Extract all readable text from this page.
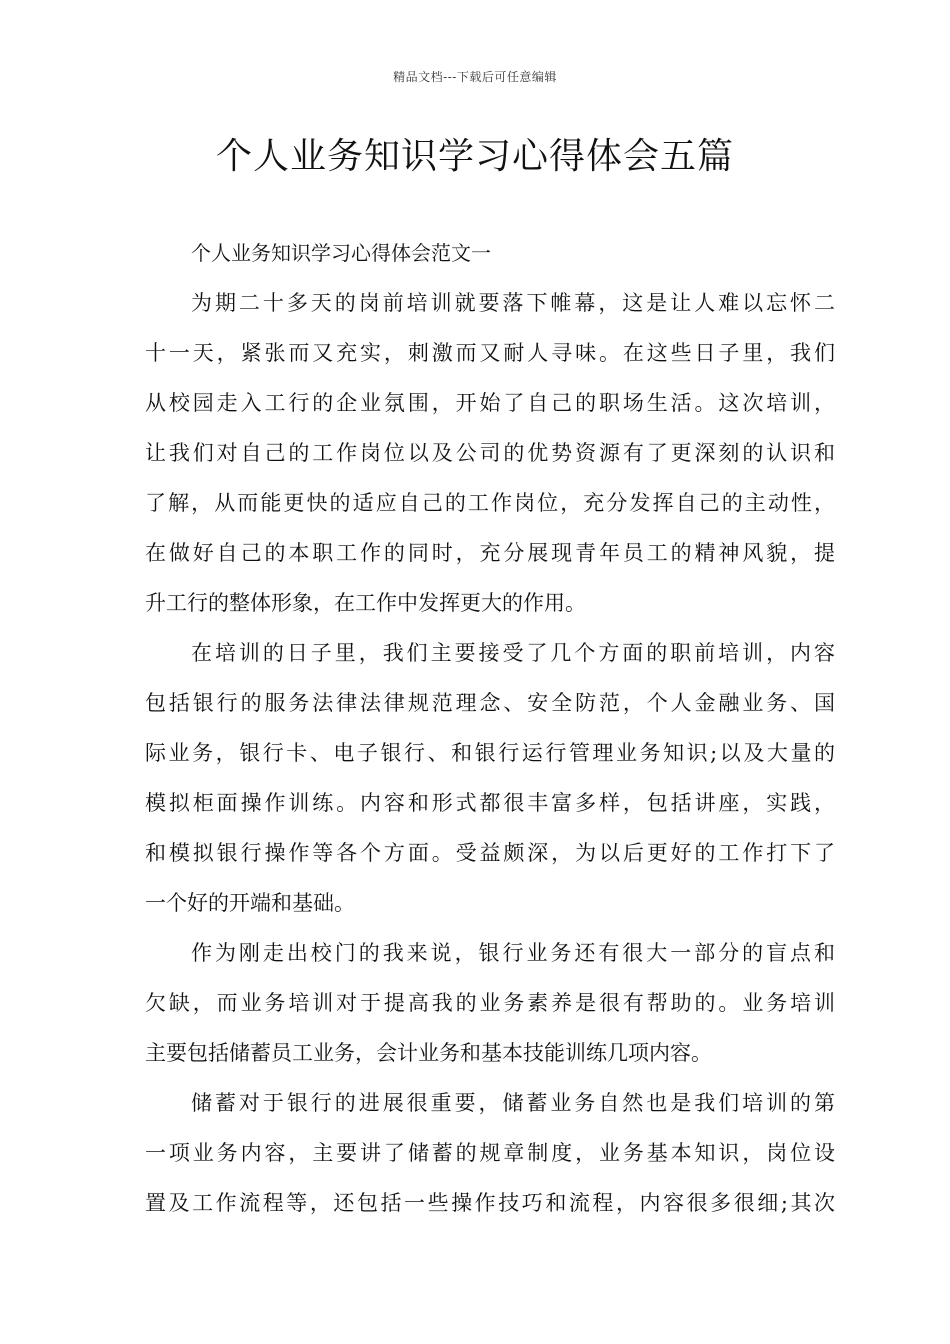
精品文档---下载后可任意编辑
个人业务知识学习心得体会五篇

个人业务知识学习心得体会范文一

为期二十多天的岗前培训就要落下帷幕，这是让人难以忘怀二
十一天，紧张而又充实，刺激而又耐人寻味。在这些日子里，我们
从校园走入工行的企业氛围，开始了自己的职场生活。这次培训，
让我们对自己的工作岗位以及公司的优势资源有了更深刻的认识和
了解，从而能更快的适应自己的工作岗位，充分发挥自己的主动性，
在做好自己的本职工作的同时，充分展现青年员工的精神风貌，提
升工行的整体形象，在工作中发挥更大的作用。
在培训的日子里，我们主要接受了几个方面的职前培训，内容
包括银行的服务法律法律规范理念、安全防范，个人金融业务、国
际业务，银行卡、电子银行、和银行运行管理业务知识;以及大量的
模拟柜面操作训练。内容和形式都很丰富多样，包括讲座，实践，
和模拟银行操作等各个方面。受益颇深，为以后更好的工作打下了
一个好的开端和基础。
作为刚走出校门的我来说，银行业务还有很大一部分的盲点和
欠缺，而业务培训对于提高我的业务素养是很有帮助的。业务培训
主要包括储蓄员工业务，会计业务和基本技能训练几项内容。
储蓄对于银行的进展很重要，储蓄业务自然也是我们培训的第
一项业务内容，主要讲了储蓄的规章制度，业务基本知识，岗位设
置及工作流程等，还包括一些操作技巧和流程，内容很多很细;其次
